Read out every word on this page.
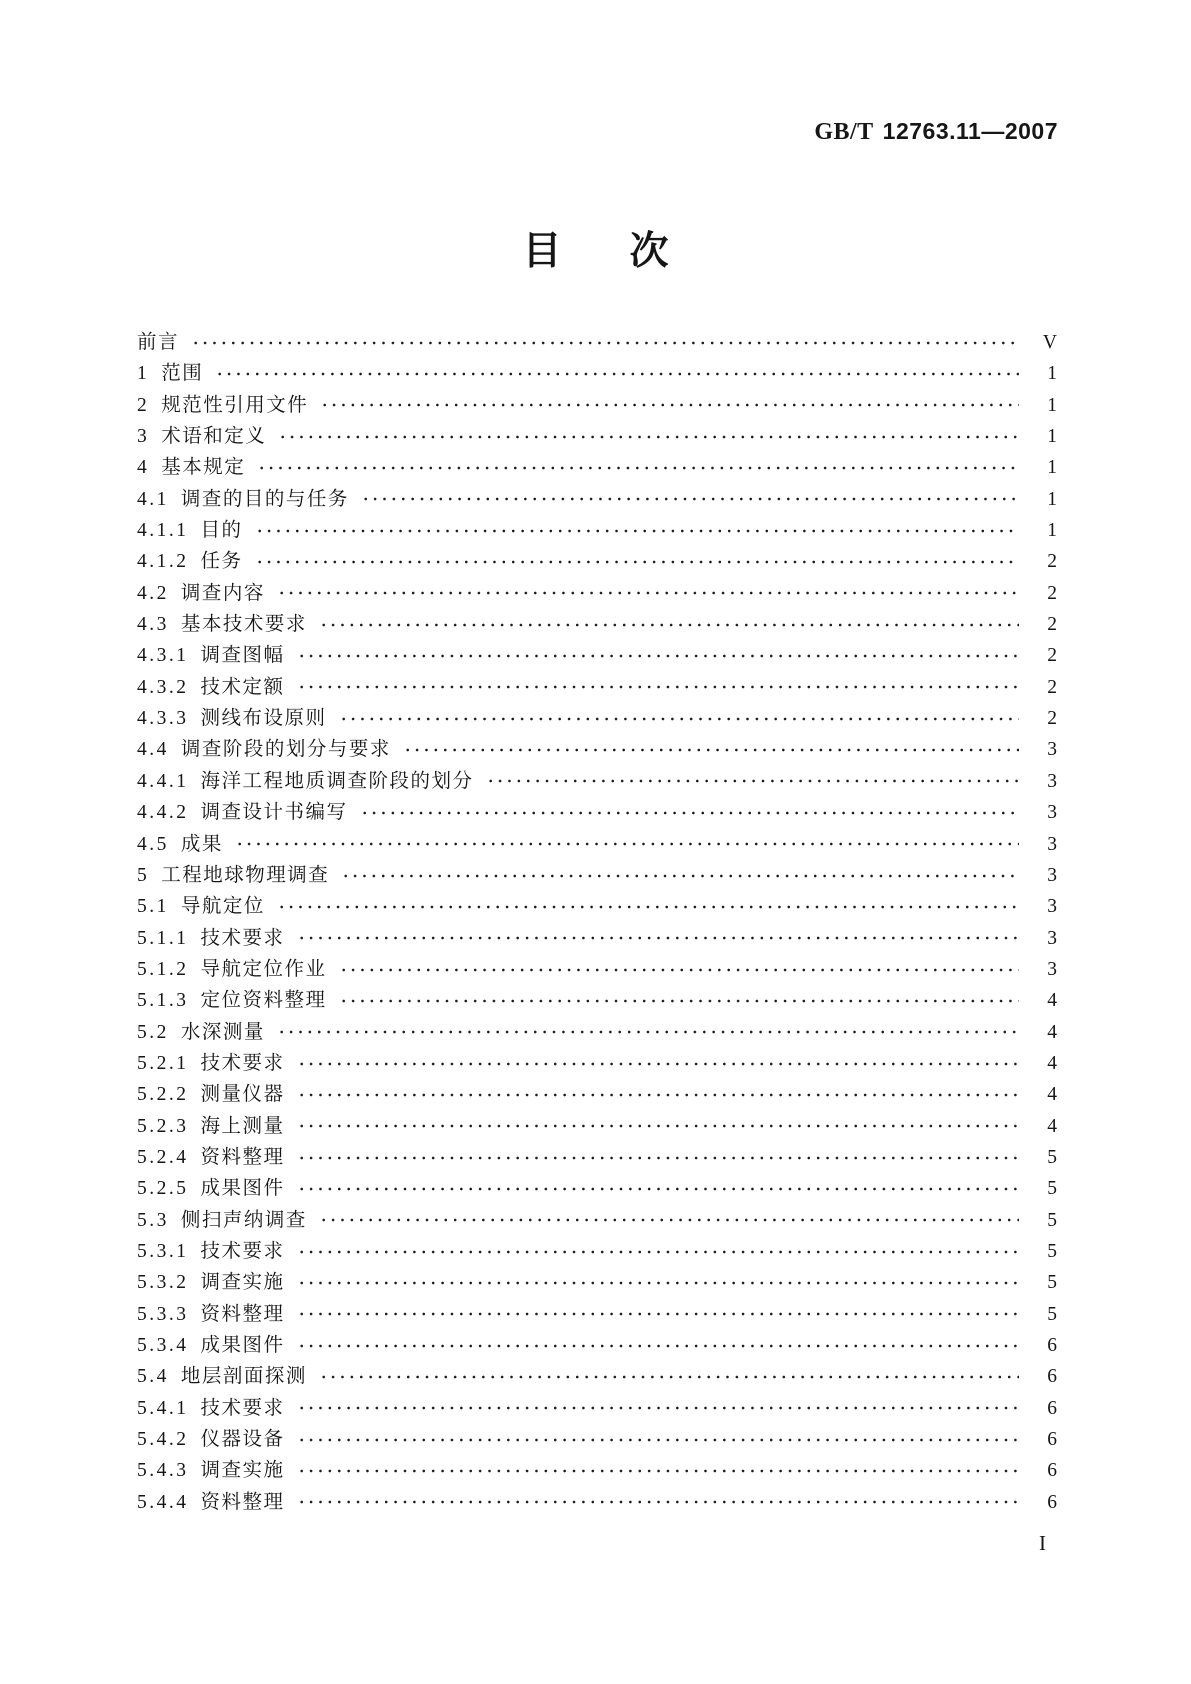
GB/T 12763.11—2007
目 次
前言	V
1 范围	1
2 规范性引用文件	1
3 术语和定义	1
4 基本规定	1
4.1 调查的目的与任务	1
4.1.1 目的	1
4.1.2 任务	2
4.2 调查内容	2
4.3 基本技术要求	2
4.3.1 调查图幅	2
4.3.2 技术定额	2
4.3.3 测线布设原则	2
4.4 调查阶段的划分与要求	3
4.4.1 海洋工程地质调查阶段的划分	3
4.4.2 调查设计书编写	3
4.5 成果	3
5 工程地球物理调查	3
5.1 导航定位	3
5.1.1 技术要求	3
5.1.2 导航定位作业	3
5.1.3 定位资料整理	4
5.2 水深测量	4
5.2.1 技术要求	4
5.2.2 测量仪器	4
5.2.3 海上测量	4
5.2.4 资料整理	5
5.2.5 成果图件	5
5.3 侧扫声纳调查	5
5.3.1 技术要求	5
5.3.2 调查实施	5
5.3.3 资料整理	5
5.3.4 成果图件	6
5.4 地层剖面探测	6
5.4.1 技术要求	6
5.4.2 仪器设备	6
5.4.3 调查实施	6
5.4.4 资料整理	6
I
